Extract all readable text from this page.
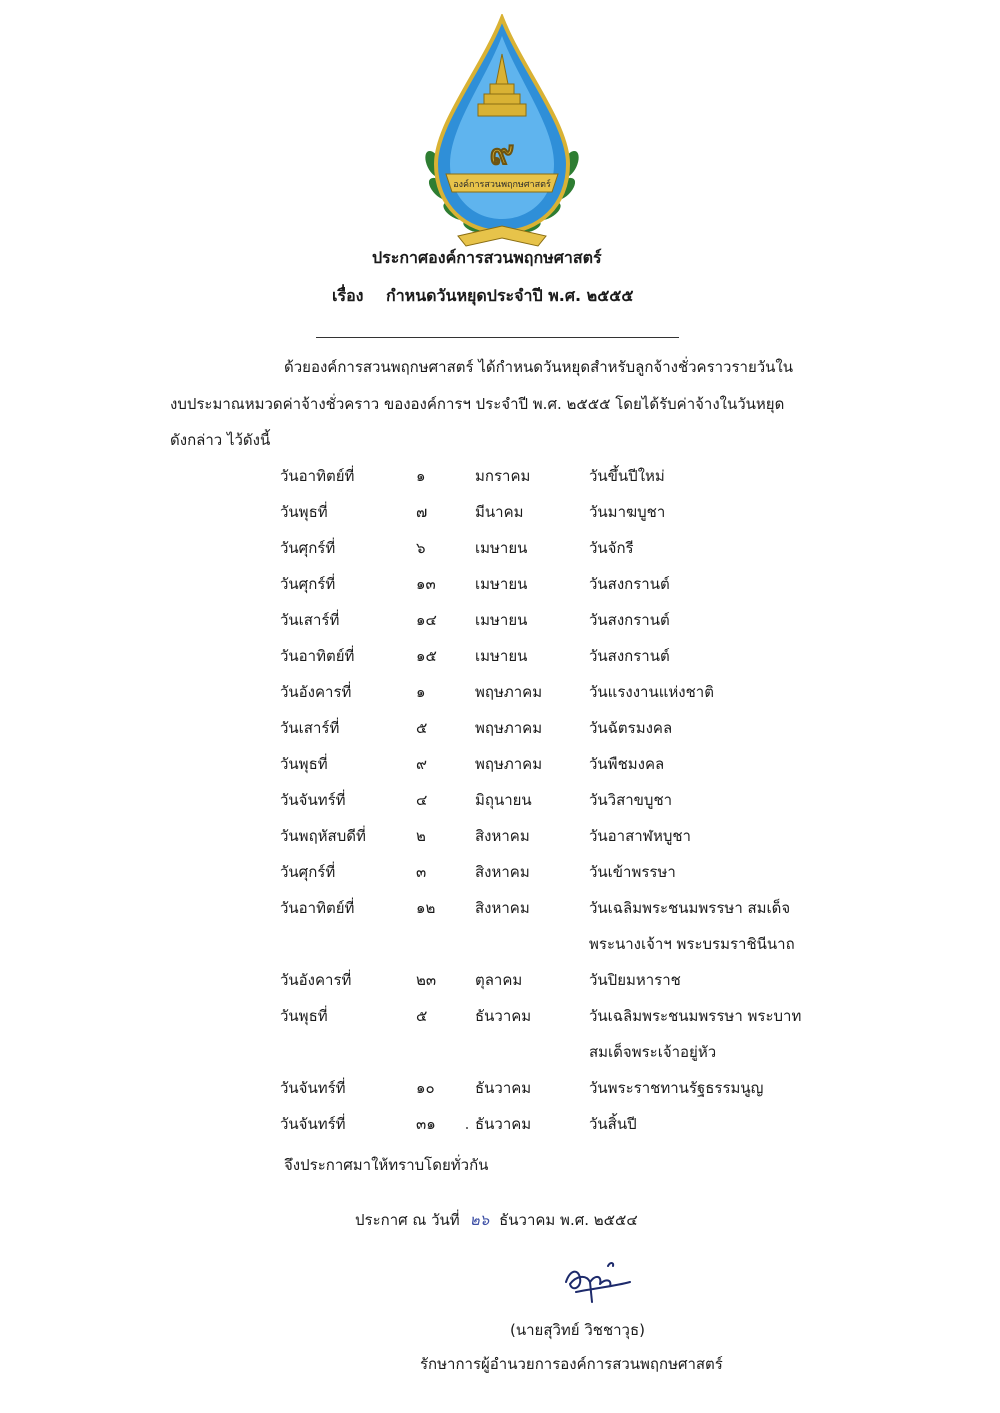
๙
องค์การสวนพฤกษศาสตร์
ประกาศองค์การสวนพฤกษศาสตร์
เรื่อง กำหนดวันหยุดประจำปี พ.ศ. ๒๕๕๕
ด้วยองค์การสวนพฤกษศาสตร์ ได้กำหนดวันหยุดสำหรับลูกจ้างชั่วคราวรายวันใน
งบประมาณหมวดค่าจ้างชั่วคราว ขององค์การฯ ประจำปี พ.ศ. ๒๕๕๕ โดยได้รับค่าจ้างในวันหยุด
ดังกล่าว ไว้ดังนี้
วันอาทิตย์ที่	๑	มกราคม	วันขึ้นปีใหม่
วันพุธที่	๗	มีนาคม	วันมาฆบูชา
วันศุกร์ที่	๖	เมษายน	วันจักรี
วันศุกร์ที่	๑๓	เมษายน	วันสงกรานต์
วันเสาร์ที่	๑๔	เมษายน	วันสงกรานต์
วันอาทิตย์ที่	๑๕	เมษายน	วันสงกรานต์
วันอังคารที่	๑	พฤษภาคม	วันแรงงานแห่งชาติ
วันเสาร์ที่	๕	พฤษภาคม	วันฉัตรมงคล
วันพุธที่	๙	พฤษภาคม	วันพืชมงคล
วันจันทร์ที่	๔	มิถุนายน	วันวิสาขบูชา
วันพฤหัสบดีที่	๒	สิงหาคม	วันอาสาฬหบูชา
วันศุกร์ที่	๓	สิงหาคม	วันเข้าพรรษา
วันอาทิตย์ที่	๑๒	สิงหาคม	วันเฉลิมพระชนมพรรษา สมเด็จ
			พระนางเจ้าฯ พระบรมราชินีนาถ
วันอังคารที่	๒๓	ตุลาคม	วันปิยมหาราช
วันพุธที่	๕	ธันวาคม	วันเฉลิมพระชนมพรรษา พระบาท
			สมเด็จพระเจ้าอยู่หัว
วันจันทร์ที่	๑๐	ธันวาคม	วันพระราชทานรัฐธรรมนูญ
วันจันทร์ที่	๓๑	ธันวาคม	วันสิ้นปี
จึงประกาศมาให้ทราบโดยทั่วกัน
ประกาศ ณ วันที่ ๒๖ ธันวาคม พ.ศ. ๒๕๕๔
(นายสุวิทย์ วิชชาวุธ)
รักษาการผู้อำนวยการองค์การสวนพฤกษศาสตร์
